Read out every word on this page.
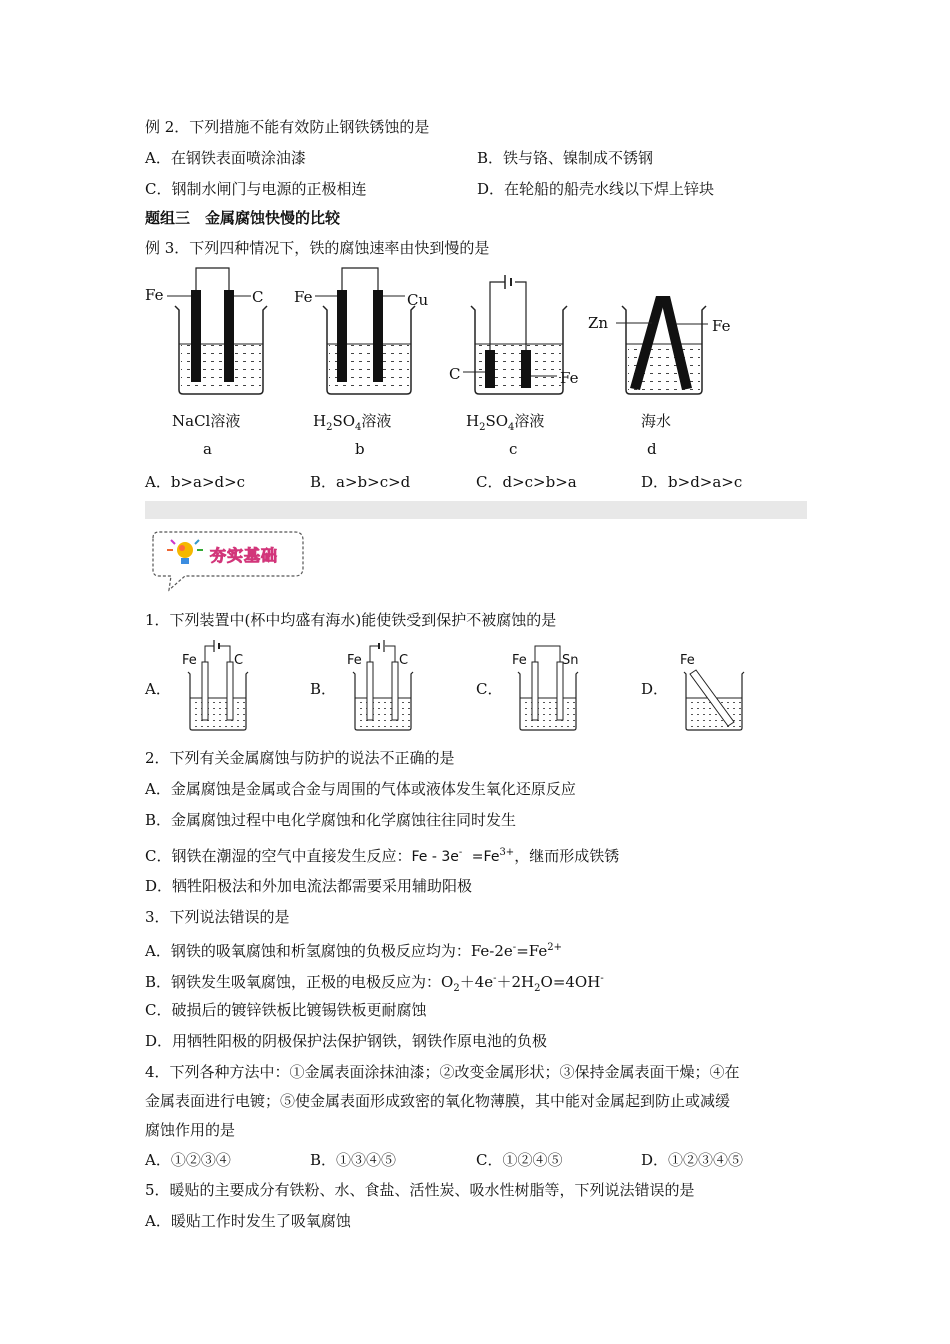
例 2．下列措施不能有效防止钢铁锈蚀的是
A．在钢铁表面喷涂油漆	B．铁与铬、镍制成不锈钢
C．钢制水闸门与电源的正极相连	D．在轮船的船壳水线以下焊上锌块
题组三　金属腐蚀快慢的比较
例 3．下列四种情况下，铁的腐蚀速率由快到慢的是
Fe	C
NaCl溶液
a
Fe	Cu
$H_2SO_4$溶液
b
C	Fe
$H_2SO_4$溶液
c
Zn	Fe
海水
d
A．b>a>d>c	B．a>b>c>d	C．d>c>b>a	D．b>d>a>c
夯实基础
1．下列装置中(杯中均盛有海水)能使铁受到保护不被腐蚀的是
A．
Fe	C
B．
Fe	C
C．
Fe	Sn
D．
Fe
2．下列有关金属腐蚀与防护的说法不正确的是
A．金属腐蚀是金属或合金与周围的气体或液体发生氧化还原反应
B．金属腐蚀过程中电化学腐蚀和化学腐蚀往往同时发生
C．钢铁在潮湿的空气中直接发生反应：$Fe - 3e^- =Fe^{3+}$，继而形成铁锈
D．牺牲阳极法和外加电流法都需要采用辅助阳极
3．下列说法错误的是
A．钢铁的吸氧腐蚀和析氢腐蚀的负极反应均为：$Fe-2e^-=Fe^{2+}$
B．钢铁发生吸氧腐蚀，正极的电极反应为：$O_2+4e^-+2H_2O=4OH^-$
C．破损后的镀锌铁板比镀锡铁板更耐腐蚀
D．用牺牲阳极的阴极保护法保护钢铁，钢铁作原电池的负极
4．下列各种方法中：①金属表面涂抹油漆；②改变金属形状；③保持金属表面干燥；④在
金属表面进行电镀；⑤使金属表面形成致密的氧化物薄膜，其中能对金属起到防止或减缓
腐蚀作用的是
A．①②③④	B．①③④⑤	C．①②④⑤	D．①②③④⑤
5．暖贴的主要成分有铁粉、水、食盐、活性炭、吸水性树脂等，下列说法错误的是
A．暖贴工作时发生了吸氧腐蚀
